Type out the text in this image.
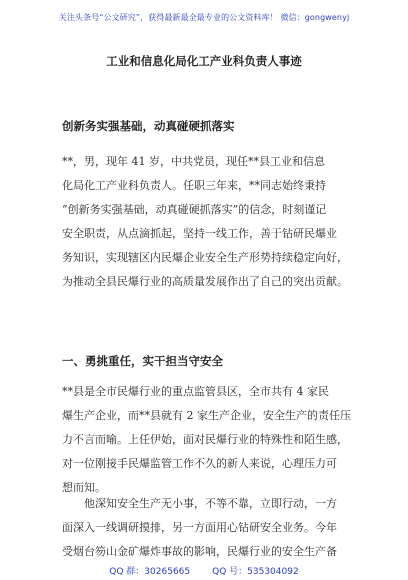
关注头条号“公文研究”，获得最新最全最专业的公文资料库！ 微信：gongwenyj
工业和信息化局化工产业科负责人事迹
创新务实强基础，动真碰硬抓落实
**，男，现年 41 岁，中共党员，现任**县工业和信息
化局化工产业科负责人。任职三年来，**同志始终秉持
“创新务实强基础，动真碰硬抓落实”的信念，时刻谨记
安全职责，从点滴抓起，坚持一线工作，善于钻研民爆业
务知识，实现辖区内民爆企业安全生产形势持续稳定向好，
为推动全县民爆行业的高质量发展作出了自己的突出贡献。
一、勇挑重任，实干担当守安全
**县是全市民爆行业的重点监管县区，全市共有 4 家民
爆生产企业，而**县就有 2 家生产企业，安全生产的责任压
力不言而喻。上任伊始，面对民爆行业的特殊性和陌生感，
对一位刚接手民爆监管工作不久的新人来说，心理压力可
想而知。
他深知安全生产无小事，不等不靠，立即行动，一方
面深入一线调研摸排，另一方面用心钻研安全业务。今年
受烟台笏山金矿爆炸事故的影响，民爆行业的安全生产备
QQ 群：30265665 QQ 号：535304092
